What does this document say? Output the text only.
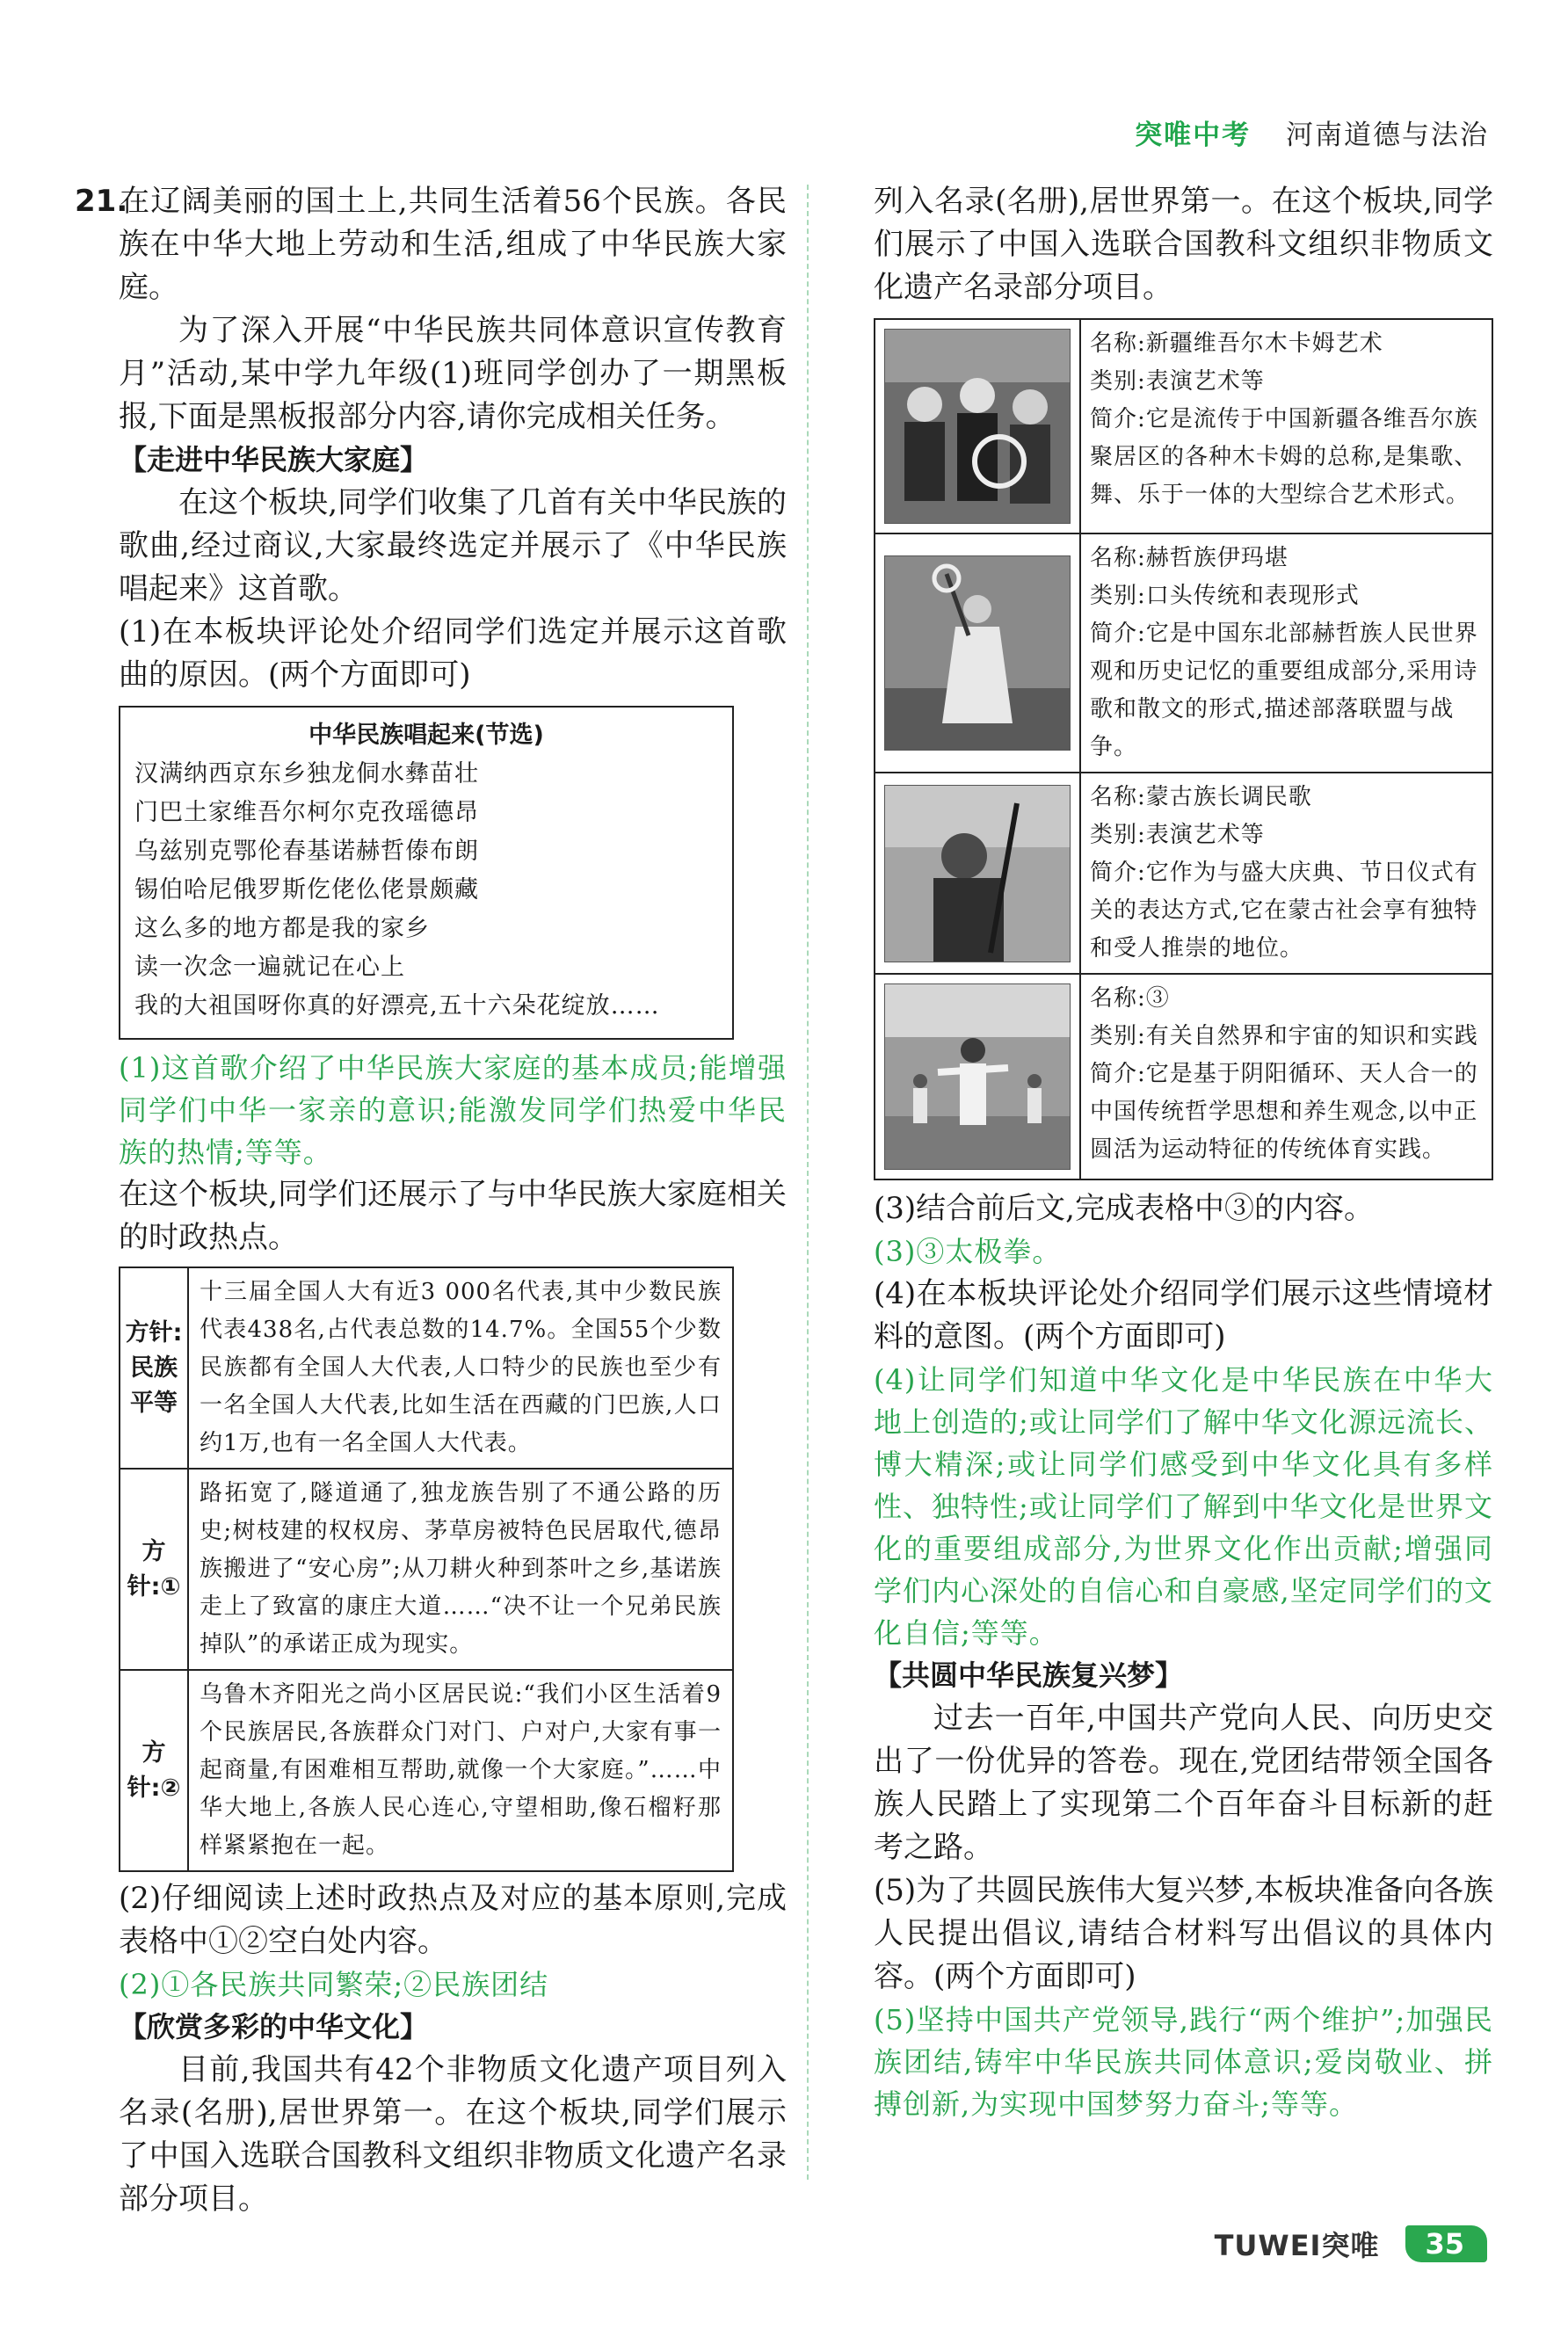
突唯中考 河南道德与法治

21.在辽阔美丽的国土上,共同生活着56个民族。各民族在中华大地上劳动和生活,组成了中华民族大家庭。

为了深入开展“中华民族共同体意识宣传教育月”活动,某中学九年级(1)班同学创办了一期黑板报,下面是黑板报部分内容,请你完成相关任务。

【走进中华民族大家庭】

在这个板块,同学们收集了几首有关中华民族的歌曲,经过商议,大家最终选定并展示了《中华民族唱起来》这首歌。

(1)在本板块评论处介绍同学们选定并展示这首歌曲的原因。(两个方面即可)

中华民族唱起来(节选)
汉满纳西京东乡独龙侗水彝苗壮
门巴土家维吾尔柯尔克孜瑶德昂
乌兹别克鄂伦春基诺赫哲傣布朗
锡伯哈尼俄罗斯仡佬仫佬景颇藏
这么多的地方都是我的家乡
读一次念一遍就记在心上
我的大祖国呀你真的好漂亮,五十六朵花绽放……

(1)这首歌介绍了中华民族大家庭的基本成员;能增强同学们中华一家亲的意识;能激发同学们热爱中华民族的热情;等等。

在这个板块,同学们还展示了与中华民族大家庭相关的时政热点。

方针:民族平等	十三届全国人大有近3 000名代表,其中少数民族代表438名,占代表总数的14.7%。全国55个少数民族都有全国人大代表,人口特少的民族也至少有一名全国人大代表,比如生活在西藏的门巴族,人口约1万,也有一名全国人大代表。
方针:①	路拓宽了,隧道通了,独龙族告别了不通公路的历史;树枝建的权权房、茅草房被特色民居取代,德昂族搬进了“安心房”;从刀耕火种到茶叶之乡,基诺族走上了致富的康庄大道……“决不让一个兄弟民族掉队”的承诺正成为现实。
方针:②	乌鲁木齐阳光之尚小区居民说:“我们小区生活着9个民族居民,各族群众门对门、户对户,大家有事一起商量,有困难相互帮助,就像一个大家庭。”……中华大地上,各族人民心连心,守望相助,像石榴籽那样紧紧抱在一起。

(2)仔细阅读上述时政热点及对应的基本原则,完成表格中①②空白处内容。

(2)①各民族共同繁荣;②民族团结

【欣赏多彩的中华文化】

目前,我国共有42个非物质文化遗产项目列入名录(名册),居世界第一。在这个板块,同学们展示了中国入选联合国教科文组织非物质文化遗产名录部分项目。

列入名录(名册),居世界第一。在这个板块,同学们展示了中国入选联合国教科文组织非物质文化遗产名录部分项目。

名称:新疆维吾尔木卡姆艺术
类别:表演艺术等
简介:它是流传于中国新疆各维吾尔族聚居区的各种木卡姆的总称,是集歌、舞、乐于一体的大型综合艺术形式。

名称:赫哲族伊玛堪
类别:口头传统和表现形式
简介:它是中国东北部赫哲族人民世界观和历史记忆的重要组成部分,采用诗歌和散文的形式,描述部落联盟与战争。

名称:蒙古族长调民歌
类别:表演艺术等
简介:它作为与盛大庆典、节日仪式有关的表达方式,它在蒙古社会享有独特和受人推崇的地位。

名称:③
类别:有关自然界和宇宙的知识和实践
简介:它是基于阴阳循环、天人合一的中国传统哲学思想和养生观念,以中正圆活为运动特征的传统体育实践。

(3)结合前后文,完成表格中③的内容。

(3)③太极拳。

(4)在本板块评论处介绍同学们展示这些情境材料的意图。(两个方面即可)

(4)让同学们知道中华文化是中华民族在中华大地上创造的;或让同学们了解中华文化源远流长、博大精深;或让同学们感受到中华文化具有多样性、独特性;或让同学们了解到中华文化是世界文化的重要组成部分,为世界文化作出贡献;增强同学们内心深处的自信心和自豪感,坚定同学们的文化自信;等等。

【共圆中华民族复兴梦】

过去一百年,中国共产党向人民、向历史交出了一份优异的答卷。现在,党团结带领全国各族人民踏上了实现第二个百年奋斗目标新的赶考之路。

(5)为了共圆民族伟大复兴梦,本板块准备向各族人民提出倡议,请结合材料写出倡议的具体内容。(两个方面即可)

(5)坚持中国共产党领导,践行“两个维护”;加强民族团结,铸牢中华民族共同体意识;爱岗敬业、拼搏创新,为实现中国梦努力奋斗;等等。

TUWEI突唯	35
